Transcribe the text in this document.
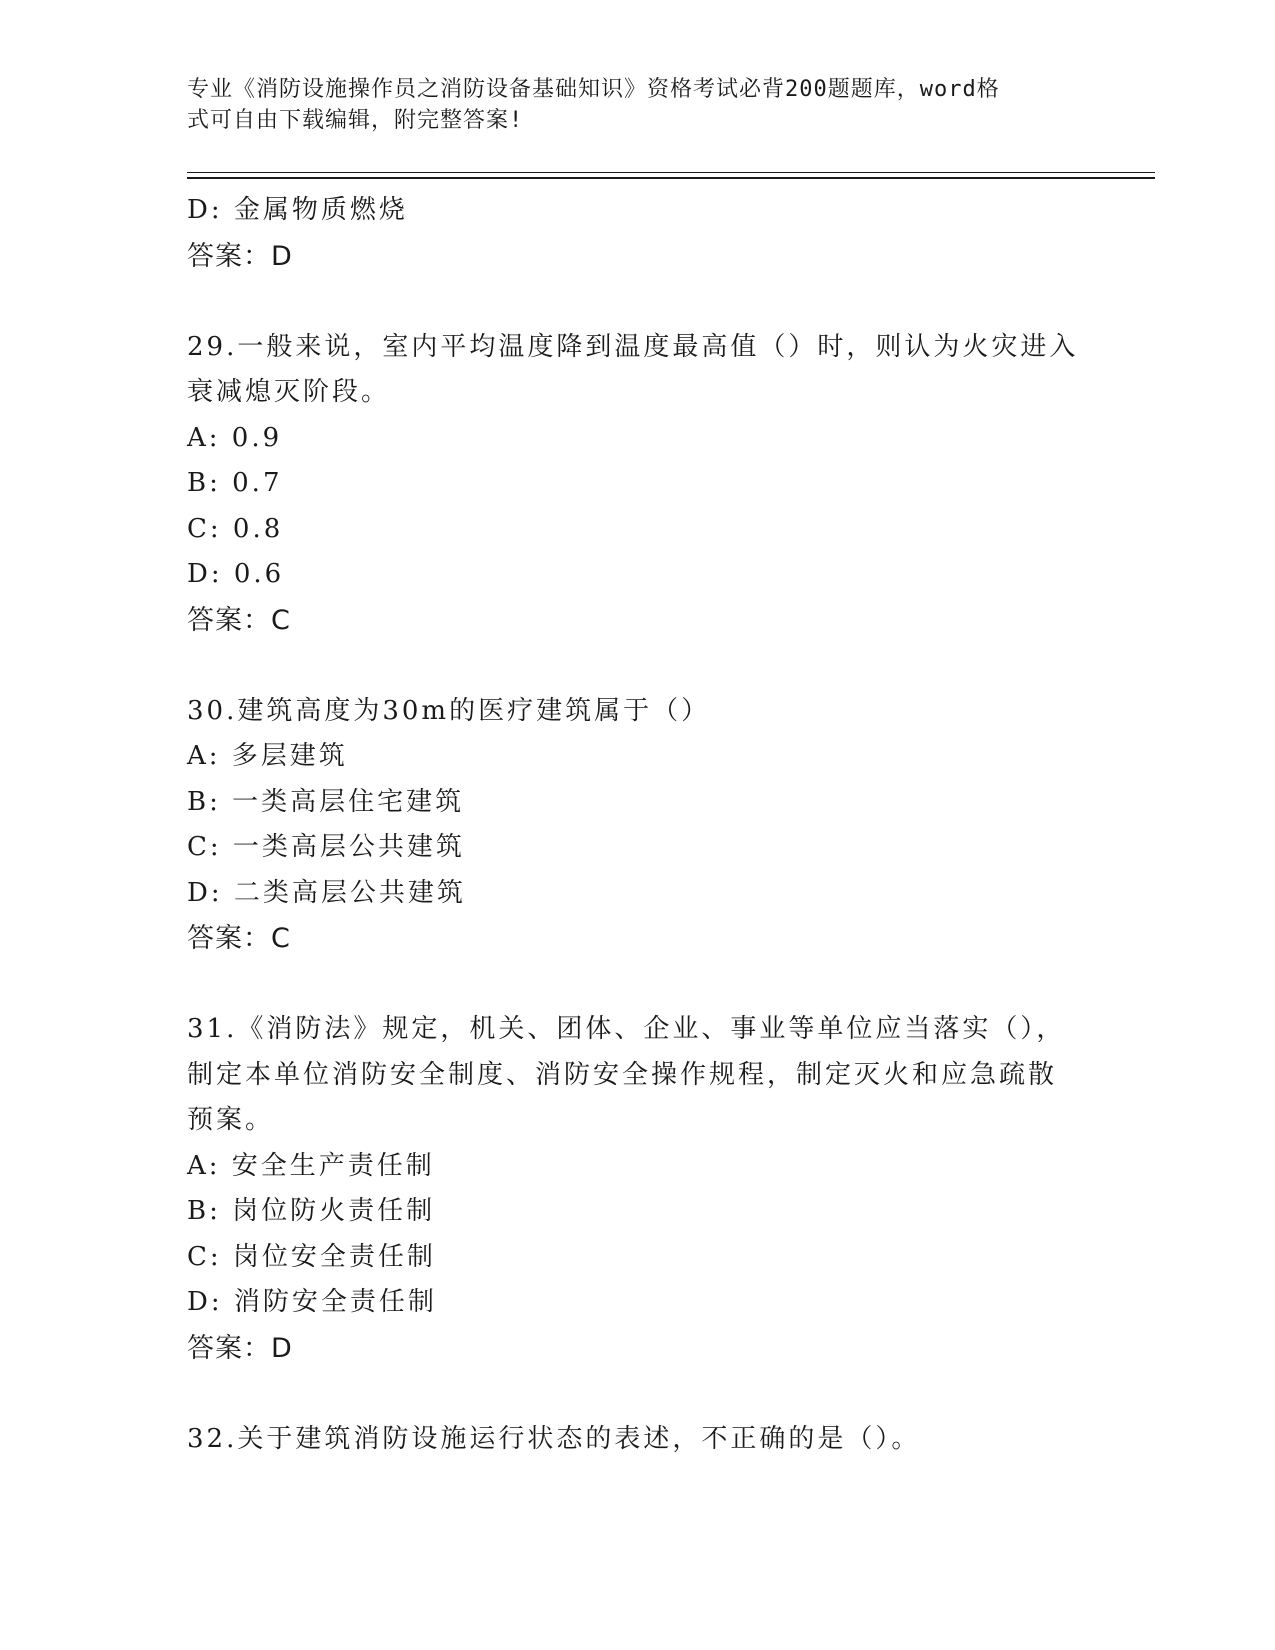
专业《消防设施操作员之消防设备基础知识》资格考试必背200题题库，word格
式可自由下载编辑，附完整答案!
D: 金属物质燃烧
答案：D
29.一般来说，室内平均温度降到温度最高值（）时，则认为火灾进入
衰减熄灭阶段。
A: 0.9
B: 0.7
C: 0.8
D: 0.6
答案：C
30.建筑高度为30m的医疗建筑属于（）
A: 多层建筑
B: 一类高层住宅建筑
C: 一类高层公共建筑
D: 二类高层公共建筑
答案：C
31.《消防法》规定，机关、团体、企业、事业等单位应当落实（），
制定本单位消防安全制度、消防安全操作规程，制定灭火和应急疏散
预案。
A: 安全生产责任制
B: 岗位防火责任制
C: 岗位安全责任制
D: 消防安全责任制
答案：D
32.关于建筑消防设施运行状态的表述，不正确的是（）。
